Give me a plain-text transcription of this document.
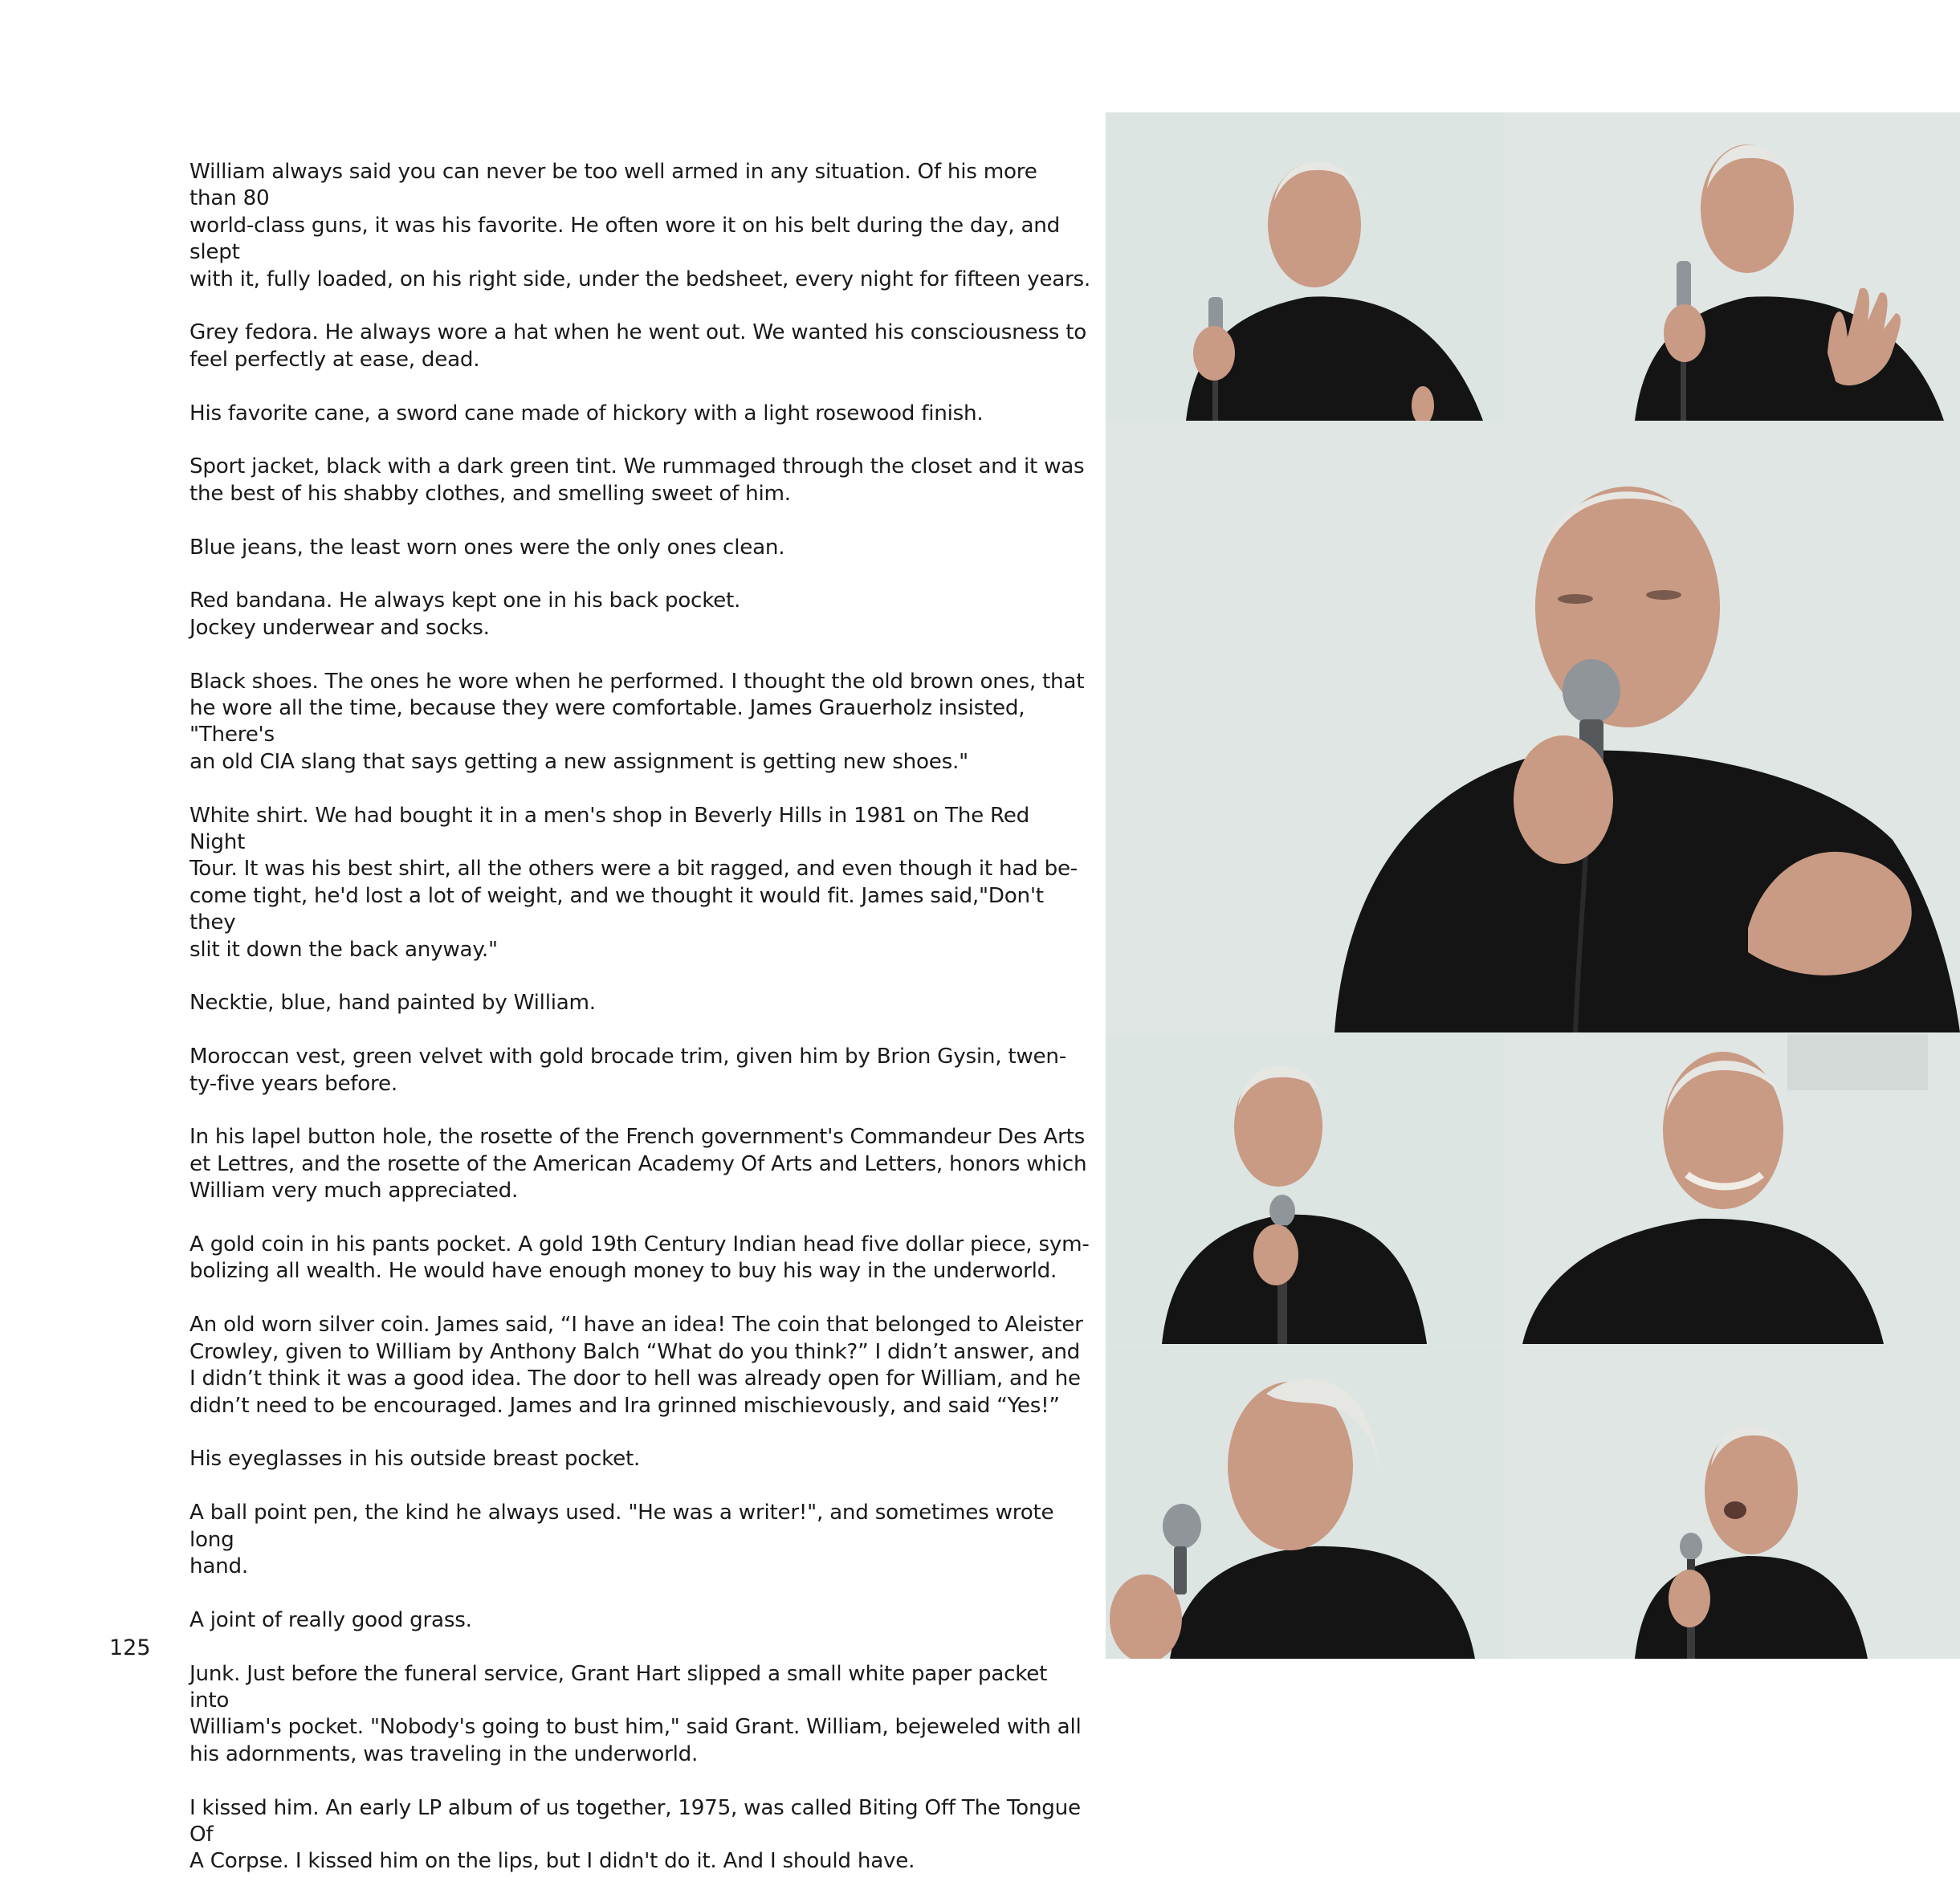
William always said you can never be too well armed in any situation. Of his more than 80
world-class guns, it was his favorite. He often wore it on his belt during the day, and slept
with it, fully loaded, on his right side, under the bedsheet, every night for fifteen years.

Grey fedora. He always wore a hat when he went out. We wanted his consciousness to
feel perfectly at ease, dead.

His favorite cane, a sword cane made of hickory with a light rosewood finish.

Sport jacket, black with a dark green tint. We rummaged through the closet and it was
the best of his shabby clothes, and smelling sweet of him.

Blue jeans, the least worn ones were the only ones clean.

Red bandana. He always kept one in his back pocket.
Jockey underwear and socks.

Black shoes. The ones he wore when he performed. I thought the old brown ones, that
he wore all the time, because they were comfortable. James Grauerholz insisted, "There's
an old CIA slang that says getting a new assignment is getting new shoes."

White shirt. We had bought it in a men's shop in Beverly Hills in 1981 on The Red Night
Tour. It was his best shirt, all the others were a bit ragged, and even though it had be-
come tight, he'd lost a lot of weight, and we thought it would fit. James said,"Don't they
slit it down the back anyway."

Necktie, blue, hand painted by William.

Moroccan vest, green velvet with gold brocade trim, given him by Brion Gysin, twen-
ty-five years before.

In his lapel button hole, the rosette of the French government's Commandeur Des Arts
et Lettres, and the rosette of the American Academy Of Arts and Letters, honors which
William very much appreciated.

A gold coin in his pants pocket. A gold 19th Century Indian head five dollar piece, sym-
bolizing all wealth. He would have enough money to buy his way in the underworld.

An old worn silver coin. James said, “I have an idea! The coin that belonged to Aleister
Crowley, given to William by Anthony Balch “What do you think?” I didn’t answer, and
I didn’t think it was a good idea. The door to hell was already open for William, and he
didn’t need to be encouraged. James and Ira grinned mischievously, and said “Yes!”

His eyeglasses in his outside breast pocket.

A ball point pen, the kind he always used. "He was a writer!", and sometimes wrote long
hand.

A joint of really good grass.

Junk. Just before the funeral service, Grant Hart slipped a small white paper packet into
William's pocket. "Nobody's going to bust him," said Grant. William, bejeweled with all
his adornments, was traveling in the underworld.

I kissed him. An early LP album of us together, 1975, was called Biting Off The Tongue Of
A Corpse. I kissed him on the lips, but I didn't do it. And I should have.

125
